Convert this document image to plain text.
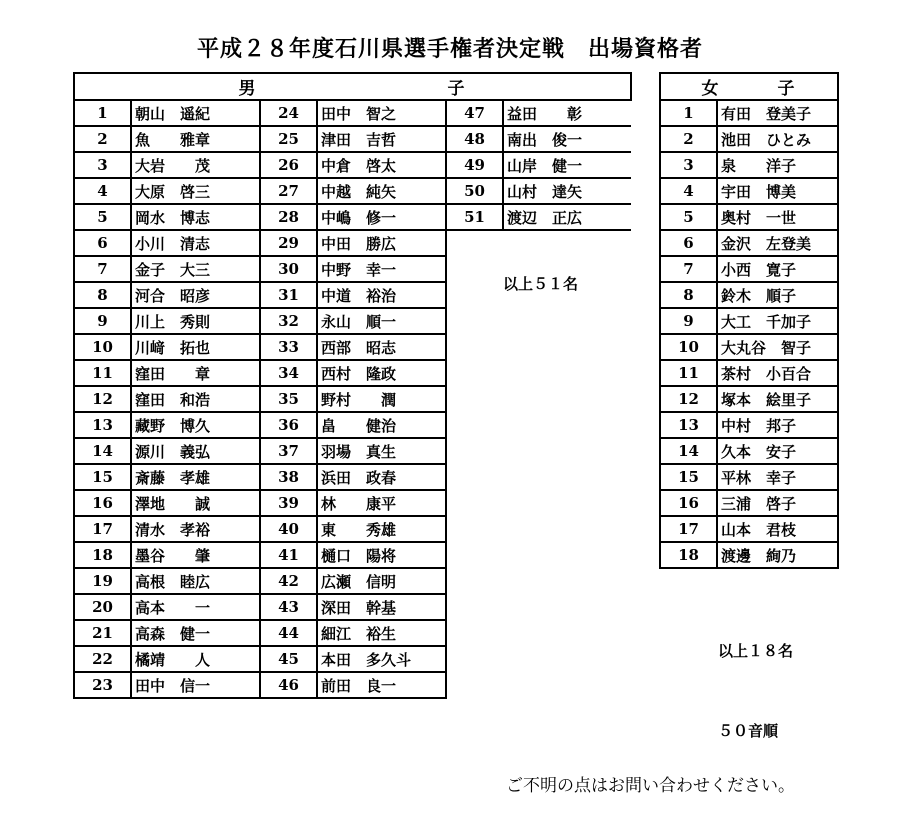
平成２８年度石川県選手権者決定戦　出場資格者
男　　　　　　　　　　子					
1	朝山　遥紀	24	田中　智之	47	益田　　彰
2	魚　　雅章	25	津田　吉哲	48	南出　俊一
3	大岩　　茂	26	中倉　啓太	49	山岸　健一
4	大原　啓三	27	中越　純矢	50	山村　達矢
5	岡水　博志	28	中嶋　修一	51	渡辺　正広
6	小川　清志	29	中田　勝広		
7	金子　大三	30	中野　幸一		
8	河合　昭彦	31	中道　裕治		
9	川上　秀則	32	永山　順一		
10	川﨑　拓也	33	西部　昭志		
11	窪田　　章	34	西村　隆政		
12	窪田　和浩	35	野村　　潤		
13	藏野　博久	36	畠　　健治		
14	源川　義弘	37	羽場　真生		
15	斎藤　孝雄	38	浜田　政春		
16	澤地　　誠	39	林　　康平		
17	清水　孝裕	40	東　　秀雄		
18	墨谷　　肇	41	樋口　陽将		
19	高根　睦広	42	広瀬　信明		
20	高本　　一	43	深田　幹基		
21	高森　健一	44	細江　裕生		
22	橘靖　　人	45	本田　多久斗		
23	田中　信一	46	前田　良一		
女　　　子	
1	有田　登美子
2	池田　ひとみ
3	泉　　洋子
4	宇田　博美
5	奥村　一世
6	金沢　左登美
7	小西　寛子
8	鈴木　順子
9	大工　千加子
10	大丸谷　智子
11	茶村　小百合
12	塚本　絵里子
13	中村　邦子
14	久本　安子
15	平林　幸子
16	三浦　啓子
17	山本　君枝
18	渡邊　絢乃
以上５１名
以上１８名
５０音順
ご不明の点はお問い合わせください。
